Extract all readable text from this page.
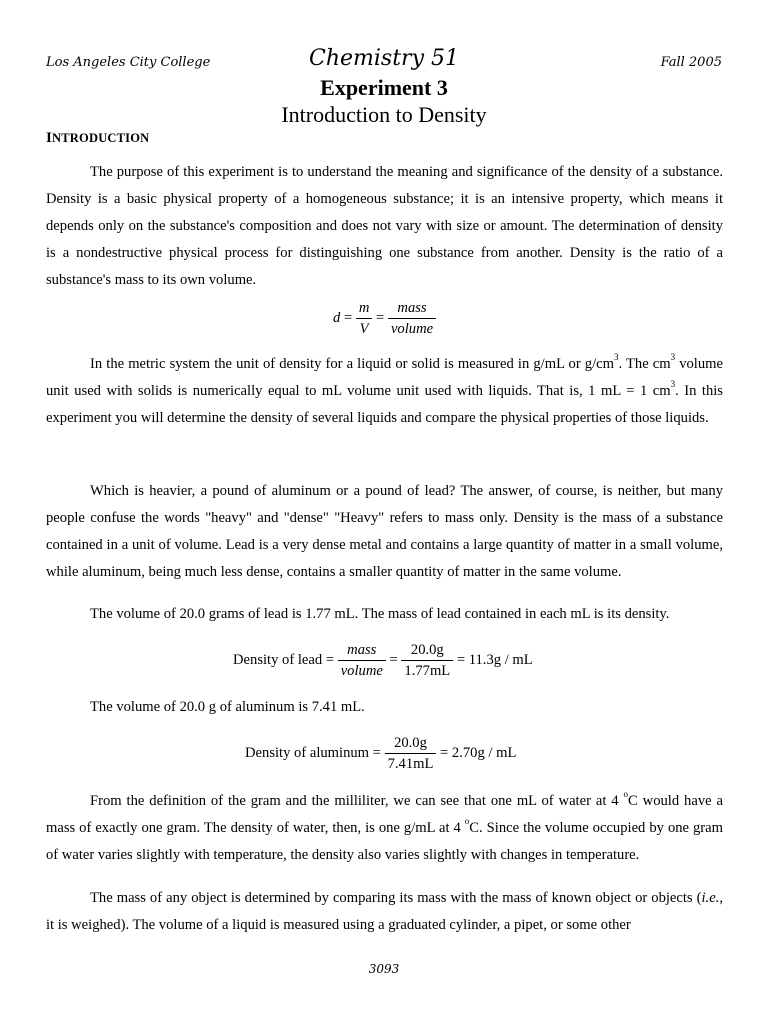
Los Angeles City College	Chemistry 51	Fall 2005
Experiment 3
Introduction to Density
INTRODUCTION

The purpose of this experiment is to understand the meaning and significance of the density of a substance. Density is a basic physical property of a homogeneous substance; it is an intensive property, which means it depends only on the substance's composition and does not vary with size or amount. The determination of density is a nondestructive physical process for distinguishing one substance from another. Density is the ratio of a substance's mass to its own volume.

$d = \frac{m}{V} = \frac{\text{mass}}{\text{volume}}$

In the metric system the unit of density for a liquid or solid is measured in g/mL or $g/cm^3$. The $cm^3$ volume unit used with solids is numerically equal to mL volume unit used with liquids. That is, 1 mL = 1 $cm^3$. In this experiment you will determine the density of several liquids and compare the physical properties of those liquids.

Which is heavier, a pound of aluminum or a pound of lead? The answer, of course, is neither, but many people confuse the words "heavy" and "dense" "Heavy" refers to mass only. Density is the mass of a substance contained in a unit of volume. Lead is a very dense metal and contains a large quantity of matter in a small volume, while aluminum, being much less dense, contains a smaller quantity of matter in the same volume.

The volume of 20.0 grams of lead is 1.77 mL. The mass of lead contained in each mL is its density.

Density of lead = $\frac{\text{mass}}{\text{volume}} = \frac{20.0g}{1.77mL} = 11.3g$ / mL

The volume of 20.0 g of aluminum is 7.41 mL.

Density of aluminum = $\frac{20.0g}{7.41mL} = 2.70g$ / mL

From the definition of the gram and the milliliter, we can see that one mL of water at 4 $^o$C would have a mass of exactly one gram. The density of water, then, is one g/mL at 4 $^o$C. Since the volume occupied by one gram of water varies slightly with temperature, the density also varies slightly with changes in temperature.

The mass of any object is determined by comparing its mass with the mass of known object or objects (i.e., it is weighed). The volume of a liquid is measured using a graduated cylinder, a pipet, or some other

3093
